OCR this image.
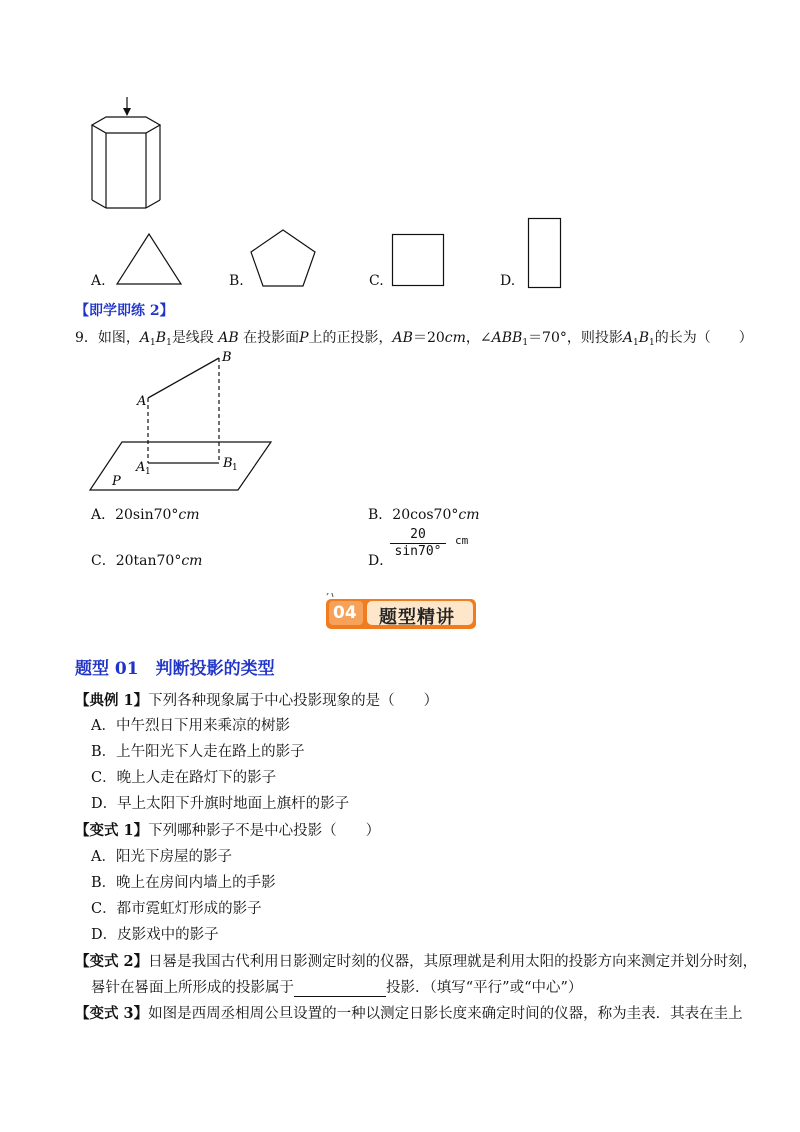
A.	B.	C.	D.
【即学即练 2】
9．如图，$A_1B_1$是线段 AB 在投影面P上的正投影，AB＝20cm，$\angle ABB_1=70^\circ$，则投影$A_1B_1$的长为（　　）
A
B
A 1
B 1
P
A．20sin70°cm	B．20cos70°cm
C．20tan70°cm	D．
20
sin70°
cm
04 题型精讲
题型 01　判断投影的类型
【典例 1】下列各种现象属于中心投影现象的是（　　）
A．中午烈日下用来乘凉的树影
B．上午阳光下人走在路上的影子
C．晚上人走在路灯下的影子
D．早上太阳下升旗时地面上旗杆的影子
【变式 1】下列哪种影子不是中心投影（　　）
A．阳光下房屋的影子
B．晚上在房间内墙上的手影
C．都市霓虹灯形成的影子
D．皮影戏中的影子
【变式 2】日晷是我国古代利用日影测定时刻的仪器，其原理就是利用太阳的投影方向来测定并划分时刻，
晷针在晷面上所形成的投影属于	投影．（填写“平行”或“中心”）
【变式 3】如图是西周丞相周公旦设置的一种以测定日影长度来确定时间的仪器，称为圭表．其表在圭上
